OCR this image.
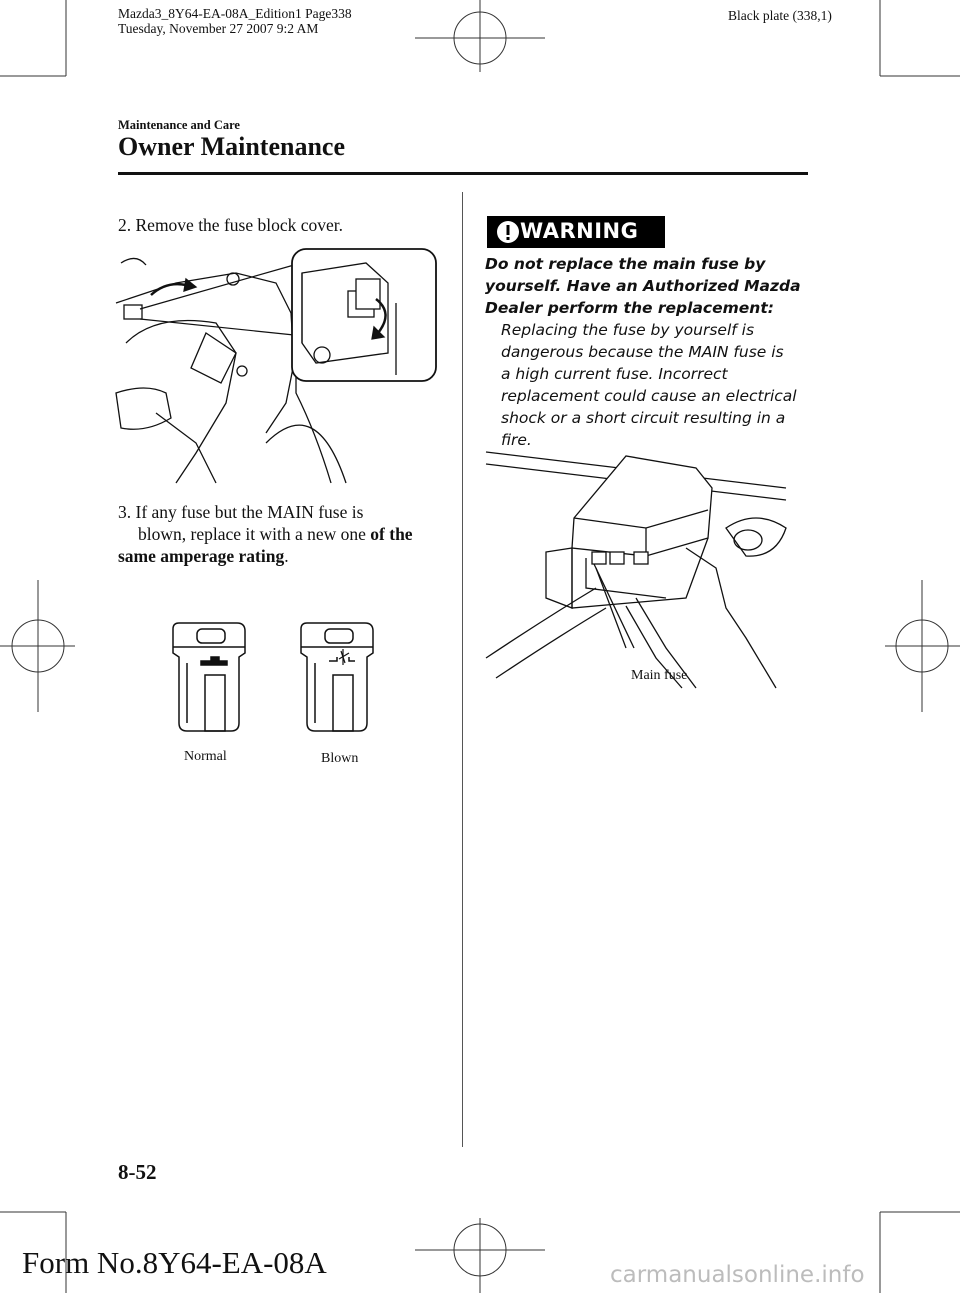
Mazda3_8Y64-EA-08A_Edition1 Page338
Tuesday, November 27 2007 9:2 AM
Black plate (338,1)
Maintenance and Care
Owner Maintenance
2. Remove the fuse block cover.
3. If any fuse but the MAIN fuse is
blown, replace it with a new one of the
same amperage rating.
Normal	Blown
WARNING
Do not replace the main fuse by
yourself. Have an Authorized Mazda
Dealer perform the replacement:
Replacing the fuse by yourself is
dangerous because the MAIN fuse is
a high current fuse. Incorrect
replacement could cause an electrical
shock or a short circuit resulting in a
fire.
Main fuse
8-52
Form No.8Y64-EA-08A	carmanualsonline.info
